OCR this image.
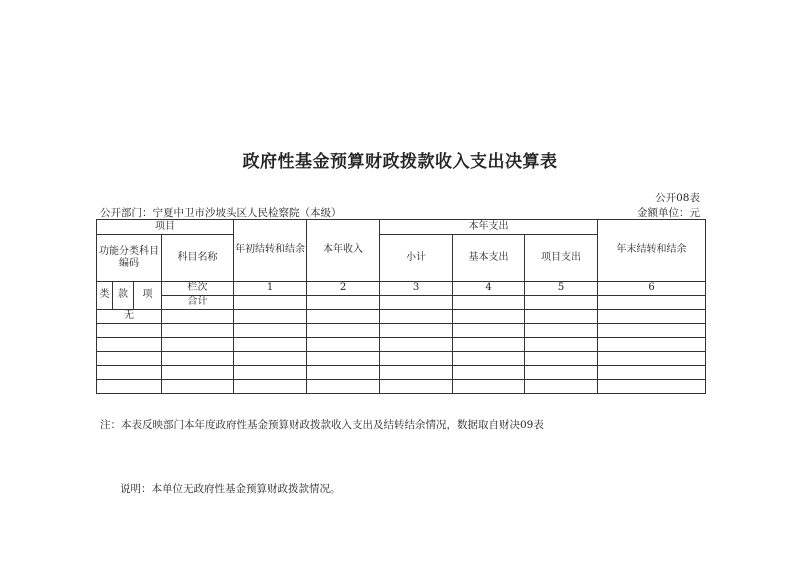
政府性基金预算财政拨款收入支出决算表
公开08表
公开部门：宁夏中卫市沙坡头区人民检察院（本级）	金额单位：元
项目				年初结转和结余	本年收入	本年支出			年末结转和结余
功能分类科目编码			科目名称			小计	基本支出	项目支出	
类	款	项	栏次	1	2	3	4	5	6
			合计						
无									

注：本表反映部门本年度政府性基金预算财政拨款收入支出及结转结余情况，数据取自财决09表
说明：本单位无政府性基金预算财政拨款情况。
